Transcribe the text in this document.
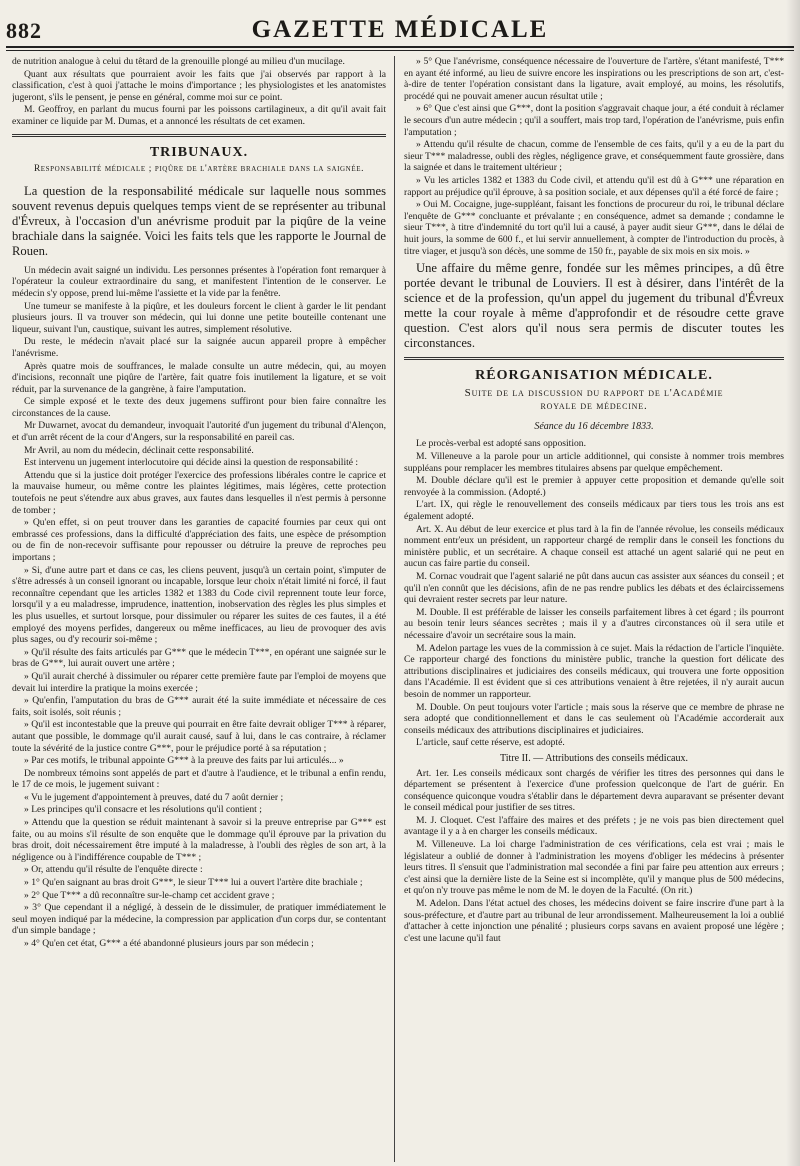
882	GAZETTE MÉDICALE

de nutrition analogue à celui du têtard de la grenouille plongé au milieu d'un mucilage.

Quant aux résultats que pourraient avoir les faits que j'ai observés par rapport à la classification, c'est à quoi j'attache le moins d'importance ; les physiologistes et les anatomistes jugeront, s'ils le pensent, je pense en général, comme moi sur ce point.

M. Geoffroy, en parlant du mucus fourni par les poissons cartilagineux, a dit qu'il avait fait examiner ce liquide par M. Dumas, et a annoncé les résultats de cet examen.

TRIBUNAUX.
Responsabilité médicale ; piqûre de l'artère brachiale dans la saignée.

La question de la responsabilité médicale sur laquelle nous sommes souvent revenus depuis quelques temps vient de se représenter au tribunal d'Évreux, à l'occasion d'un anévrisme produit par la piqûre de la veine brachiale dans la saignée. Voici les faits tels que les rapporte le Journal de Rouen.

Un médecin avait saigné un individu. Les personnes présentes à l'opération font remarquer à l'opérateur la couleur extraordinaire du sang, et manifestent l'intention de le conserver. Le médecin s'y oppose, prend lui-même l'assiette et la vide par la fenêtre.

Une tumeur se manifeste à la piqûre, et les douleurs forcent le client à garder le lit pendant plusieurs jours. Il va trouver son médecin, qui lui donne une petite bouteille contenant une liqueur, suivant l'un, caustique, suivant les autres, simplement résolutive.

Du reste, le médecin n'avait placé sur la saignée aucun appareil propre à empêcher l'anévrisme.

Après quatre mois de souffrances, le malade consulte un autre médecin, qui, au moyen d'incisions, reconnaît une piqûre de l'artère, fait quatre fois inutilement la ligature, et se voit réduit, par la survenance de la gangrène, à faire l'amputation.

Ce simple exposé et le texte des deux jugemens suffiront pour bien faire connaître les circonstances de la cause.

Mr Duwarnet, avocat du demandeur, invoquait l'autorité d'un jugement du tribunal d'Alençon, et d'un arrêt récent de la cour d'Angers, sur la responsabilité en pareil cas.

Mr Avril, au nom du médecin, déclinait cette responsabilité.

Est intervenu un jugement interlocutoire qui décide ainsi la question de responsabilité :

Attendu que si la justice doit protéger l'exercice des professions libérales contre le caprice et la mauvaise humeur, ou même contre les plaintes légitimes, mais légères, cette protection toutefois ne peut s'étendre aux abus graves, aux fautes dans lesquelles il n'est permis à personne de tomber ;

» Qu'en effet, si on peut trouver dans les garanties de capacité fournies par ceux qui ont embrassé ces professions, dans la difficulté d'appréciation des faits, une espèce de présomption ou de fin de non-recevoir suffisante pour repousser ou détruire la preuve de reproches peu importans ;

» Si, d'une autre part et dans ce cas, les cliens peuvent, jusqu'à un certain point, s'imputer de s'être adressés à un conseil ignorant ou incapable, lorsque leur choix n'était limité ni forcé, il faut reconnaître cependant que les articles 1382 et 1383 du Code civil reprennent toute leur force, lorsqu'il y a eu maladresse, imprudence, inattention, inobservation des règles les plus simples et les plus usuelles, et surtout lorsque, pour dissimuler ou réparer les suites de ces fautes, il a été employé des moyens perfides, dangereux ou même inefficaces, au lieu de provoquer des avis plus sages, ou d'y recourir soi-même ;

» Qu'il résulte des faits articulés par G*** que le médecin T***, en opérant une saignée sur le bras de G***, lui aurait ouvert une artère ;

» Qu'il aurait cherché à dissimuler ou réparer cette première faute par l'emploi de moyens que devait lui interdire la pratique la moins exercée ;

» Qu'enfin, l'amputation du bras de G*** aurait été la suite immédiate et nécessaire de ces faits, soit isolés, soit réunis ;

» Qu'il est incontestable que la preuve qui pourrait en être faite devrait obliger T*** à réparer, autant que possible, le dommage qu'il aurait causé, sauf à lui, dans le cas contraire, à réclamer toute la sévérité de la justice contre G***, pour le préjudice porté à sa réputation ;

» Par ces motifs, le tribunal appointe G*** à la preuve des faits par lui articulés... »

De nombreux témoins sont appelés de part et d'autre à l'audience, et le tribunal a enfin rendu, le 17 de ce mois, le jugement suivant :

« Vu le jugement d'appointement à preuves, daté du 7 août dernier ;

» Les principes qu'il consacre et les résolutions qu'il contient ;

» Attendu que la question se réduit maintenant à savoir si la preuve entreprise par G*** est faite, ou au moins s'il résulte de son enquête que le dommage qu'il éprouve par la privation du bras droit, doit nécessairement être imputé à la maladresse, à l'oubli des règles de son art, à la négligence ou à l'indifférence coupable de T*** ;

» Or, attendu qu'il résulte de l'enquête directe :

» 1° Qu'en saignant au bras droit G***, le sieur T*** lui a ouvert l'artère dite brachiale ;

» 2° Que T*** a dû reconnaître sur-le-champ cet accident grave ;

» 3° Que cependant il a négligé, à dessein de le dissimuler, de pratiquer immédiatement le seul moyen indiqué par la médecine, la compression par application d'un corps dur, se contentant d'un simple bandage ;

» 4° Qu'en cet état, G*** a été abandonné plusieurs jours par son médecin ;

» 5° Que l'anévrisme, conséquence nécessaire de l'ouverture de l'artère, s'étant manifesté, T*** en ayant été informé, au lieu de suivre encore les inspirations ou les prescriptions de son art, c'est-à-dire de tenter l'opération consistant dans la ligature, avait employé, au moins, les résolutifs, procédé qui ne pouvait amener aucun résultat utile ;

» 6° Que c'est ainsi que G***, dont la position s'aggravait chaque jour, a été conduit à réclamer le secours d'un autre médecin ; qu'il a souffert, mais trop tard, l'opération de l'anévrisme, puis enfin l'amputation ;

» Attendu qu'il résulte de chacun, comme de l'ensemble de ces faits, qu'il y a eu de la part du sieur T*** maladresse, oubli des règles, négligence grave, et conséquemment faute grossière, dans la saignée et dans le traitement ultérieur ;

» Vu les articles 1382 et 1383 du Code civil, et attendu qu'il est dû à G*** une réparation en rapport au préjudice qu'il éprouve, à sa position sociale, et aux dépenses qu'il a été forcé de faire ;

» Oui M. Cocaigne, juge-suppléant, faisant les fonctions de procureur du roi, le tribunal déclare l'enquête de G*** concluante et prévalante ; en conséquence, admet sa demande ; condamne le sieur T***, à titre d'indemnité du tort qu'il lui a causé, à payer audit sieur G***, dans le délai de huit jours, la somme de 600 f., et lui servir annuellement, à compter de l'introduction du procès, à titre viager, et jusqu'à son décès, une somme de 150 fr., payable de six mois en six mois. »

Une affaire du même genre, fondée sur les mêmes principes, a dû être portée devant le tribunal de Louviers. Il est à désirer, dans l'intérêt de la science et de la profession, qu'un appel du jugement du tribunal d'Évreux mette la cour royale à même d'approfondir et de résoudre cette grave question. C'est alors qu'il nous sera permis de discuter toutes les circonstances.

RÉORGANISATION MÉDICALE.
Suite de la discussion du rapport de l'Académie
royale de médecine.
Séance du 16 décembre 1833.

Le procès-verbal est adopté sans opposition.

M. Villeneuve a la parole pour un article additionnel, qui consiste à nommer trois membres suppléans pour remplacer les membres titulaires absens par quelque empêchement.

M. Double déclare qu'il est le premier à appuyer cette proposition et demande qu'elle soit renvoyée à la commission. (Adopté.)

L'art. IX, qui règle le renouvellement des conseils médicaux par tiers tous les trois ans est également adopté.

Art. X. Au début de leur exercice et plus tard à la fin de l'année révolue, les conseils médicaux nomment entr'eux un président, un rapporteur chargé de remplir dans le conseil les fonctions du ministère public, et un secrétaire. A chaque conseil est attaché un agent salarié qui ne peut en aucun cas faire partie du conseil.

M. Cornac voudrait que l'agent salarié ne pût dans aucun cas assister aux séances du conseil ; et qu'il n'en connût que les décisions, afin de ne pas rendre publics les débats et des éclaircissemens qui devraient rester secrets par leur nature.

M. Double. Il est préférable de laisser les conseils parfaitement libres à cet égard ; ils pourront au besoin tenir leurs séances secrètes ; mais il y a d'autres circonstances où il sera utile et nécessaire d'avoir un secrétaire sous la main.

M. Adelon partage les vues de la commission à ce sujet. Mais la rédaction de l'article l'inquiète. Ce rapporteur chargé des fonctions du ministère public, tranche la question fort délicate des attributions disciplinaires et judiciaires des conseils médicaux, qui trouvera une forte opposition dans l'Académie. Il est évident que si ces attributions venaient à être rejetées, il n'y aurait aucun besoin de nommer un rapporteur.

M. Double. On peut toujours voter l'article ; mais sous la réserve que ce membre de phrase ne sera adopté que conditionnellement et dans le cas seulement où l'Académie accorderait aux conseils médicaux des attributions disciplinaires et judiciaires.

L'article, sauf cette réserve, est adopté.

Titre II. — Attributions des conseils médicaux.

Art. 1er. Les conseils médicaux sont chargés de vérifier les titres des personnes qui dans le département se présentent à l'exercice d'une profession quelconque de l'art de guérir. En conséquence quiconque voudra s'établir dans le département devra auparavant se présenter devant le conseil médical pour justifier de ses titres.

M. J. Cloquet. C'est l'affaire des maires et des préfets ; je ne vois pas bien directement quel avantage il y a à en charger les conseils médicaux.

M. Villeneuve. La loi charge l'administration de ces vérifications, cela est vrai ; mais le législateur a oublié de donner à l'administration les moyens d'obliger les médecins à présenter leurs titres. Il s'ensuit que l'administration mal secondée a fini par faire peu attention aux erreurs ; c'est ainsi que la dernière liste de la Seine est si incomplète, qu'il y manque plus de 500 médecins, et qu'on n'y trouve pas même le nom de M. le doyen de la Faculté. (On rit.)

M. Adelon. Dans l'état actuel des choses, les médecins doivent se faire inscrire d'une part à la sous-préfecture, et d'autre part au tribunal de leur arrondissement. Malheureusement la loi a oublié d'attacher à cette injonction une pénalité ; plusieurs corps savans en avaient proposé une légère ; c'est une lacune qu'il faut
